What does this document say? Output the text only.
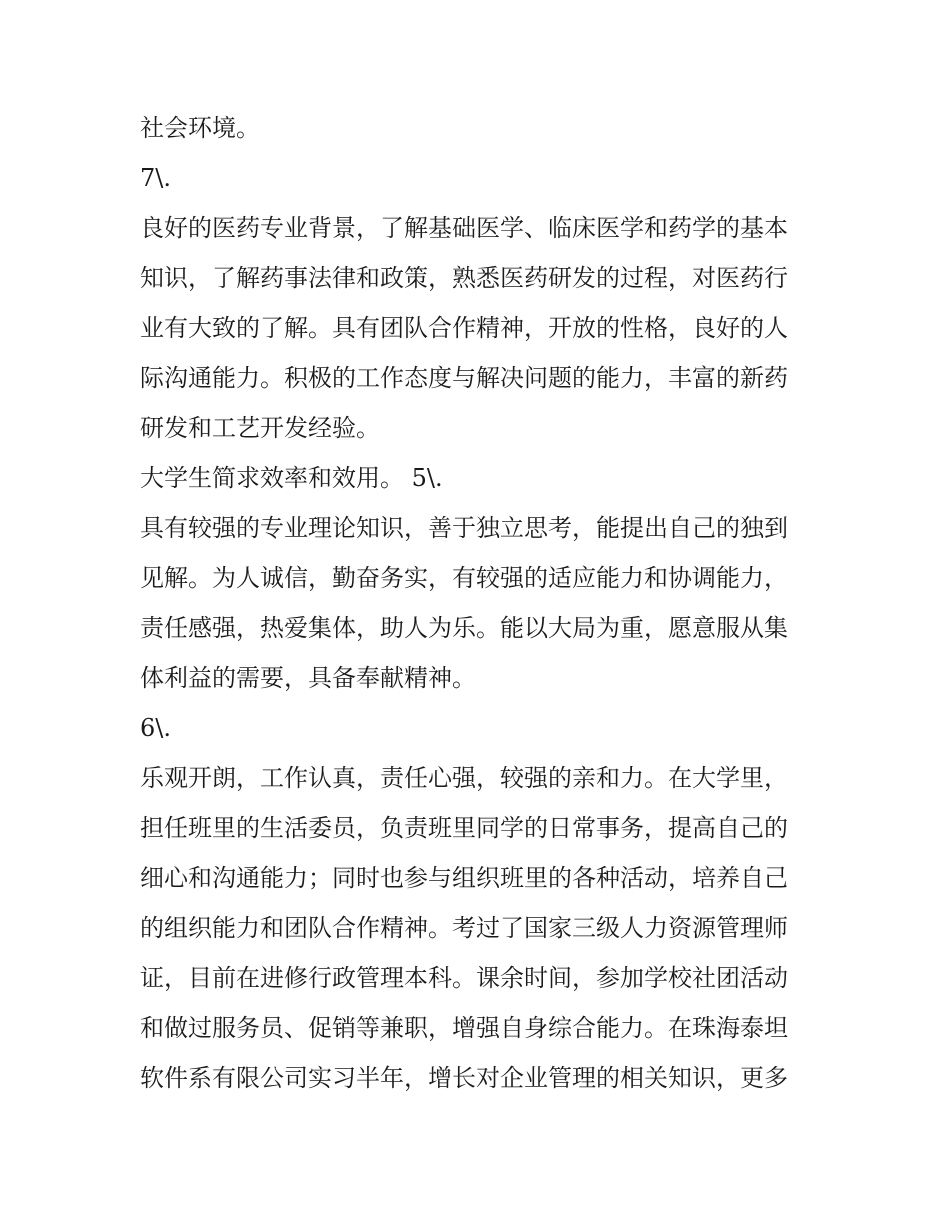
社会环境。
7\.
良好的医药专业背景，了解基础医学、临床医学和药学的基本
知识，了解药事法律和政策，熟悉医药研发的过程，对医药行
业有大致的了解。具有团队合作精神，开放的性格，良好的人
际沟通能力。积极的工作态度与解决问题的能力，丰富的新药
研发和工艺开发经验。
大学生简求效率和效用。 5\.
具有较强的专业理论知识，善于独立思考，能提出自己的独到
见解。为人诚信，勤奋务实，有较强的适应能力和协调能力，
责任感强，热爱集体，助人为乐。能以大局为重，愿意服从集
体利益的需要，具备奉献精神。
6\.
乐观开朗，工作认真，责任心强，较强的亲和力。在大学里，
担任班里的生活委员，负责班里同学的日常事务，提高自己的
细心和沟通能力；同时也参与组织班里的各种活动，培养自己
的组织能力和团队合作精神。考过了国家三级人力资源管理师
证，目前在进修行政管理本科。课余时间，参加学校社团活动
和做过服务员、促销等兼职，增强自身综合能力。在珠海泰坦
软件系有限公司实习半年，增长对企业管理的相关知识，更多
